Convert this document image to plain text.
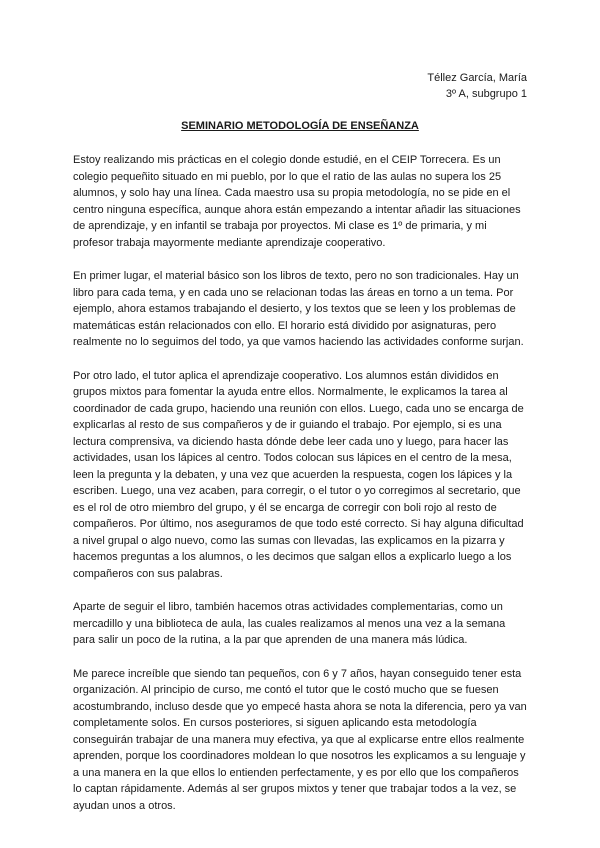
Téllez García, María
3º A, subgrupo 1
SEMINARIO METODOLOGÍA DE ENSEÑANZA

Estoy realizando mis prácticas en el colegio donde estudié, en el CEIP Torrecera. Es un colegio pequeñito situado en mi pueblo, por lo que el ratio de las aulas no supera los 25 alumnos, y solo hay una línea. Cada maestro usa su propia metodología, no se pide en el centro ninguna específica, aunque ahora están empezando a intentar añadir las situaciones de aprendizaje, y en infantil se trabaja por proyectos. Mi clase es 1º de primaria, y mi profesor trabaja mayormente mediante aprendizaje cooperativo.

En primer lugar, el material básico son los libros de texto, pero no son tradicionales. Hay un libro para cada tema, y en cada uno se relacionan todas las áreas en torno a un tema. Por ejemplo, ahora estamos trabajando el desierto, y los textos que se leen y los problemas de matemáticas están relacionados con ello. El horario está dividido por asignaturas, pero realmente no lo seguimos del todo, ya que vamos haciendo las actividades conforme surjan.

Por otro lado, el tutor aplica el aprendizaje cooperativo. Los alumnos están divididos en grupos mixtos para fomentar la ayuda entre ellos. Normalmente, le explicamos la tarea al coordinador de cada grupo, haciendo una reunión con ellos. Luego, cada uno se encarga de explicarlas al resto de sus compañeros y de ir guiando el trabajo. Por ejemplo, si es una lectura comprensiva, va diciendo hasta dónde debe leer cada uno y luego, para hacer las actividades, usan los lápices al centro. Todos colocan sus lápices en el centro de la mesa, leen la pregunta y la debaten, y una vez que acuerden la respuesta, cogen los lápices y la escriben. Luego, una vez acaben, para corregir, o el tutor o yo corregimos al secretario, que es el rol de otro miembro del grupo, y él se encarga de corregir con boli rojo al resto de compañeros. Por último, nos aseguramos de que todo esté correcto. Si hay alguna dificultad a nivel grupal o algo nuevo, como las sumas con llevadas, las explicamos en la pizarra y hacemos preguntas a los alumnos, o les decimos que salgan ellos a explicarlo luego a los compañeros con sus palabras.

Aparte de seguir el libro, también hacemos otras actividades complementarias, como un mercadillo y una biblioteca de aula, las cuales realizamos al menos una vez a la semana para salir un poco de la rutina, a la par que aprenden de una manera más lúdica.

Me parece increíble que siendo tan pequeños, con 6 y 7 años, hayan conseguido tener esta organización. Al principio de curso, me contó el tutor que le costó mucho que se fuesen acostumbrando, incluso desde que yo empecé hasta ahora se nota la diferencia, pero ya van completamente solos. En cursos posteriores, si siguen aplicando esta metodología conseguirán trabajar de una manera muy efectiva, ya que al explicarse entre ellos realmente aprenden, porque los coordinadores moldean lo que nosotros les explicamos a su lenguaje y a una manera en la que ellos lo entienden perfectamente, y es por ello que los compañeros lo captan rápidamente. Además al ser grupos mixtos y tener que trabajar todos a la vez, se ayudan unos a otros.
